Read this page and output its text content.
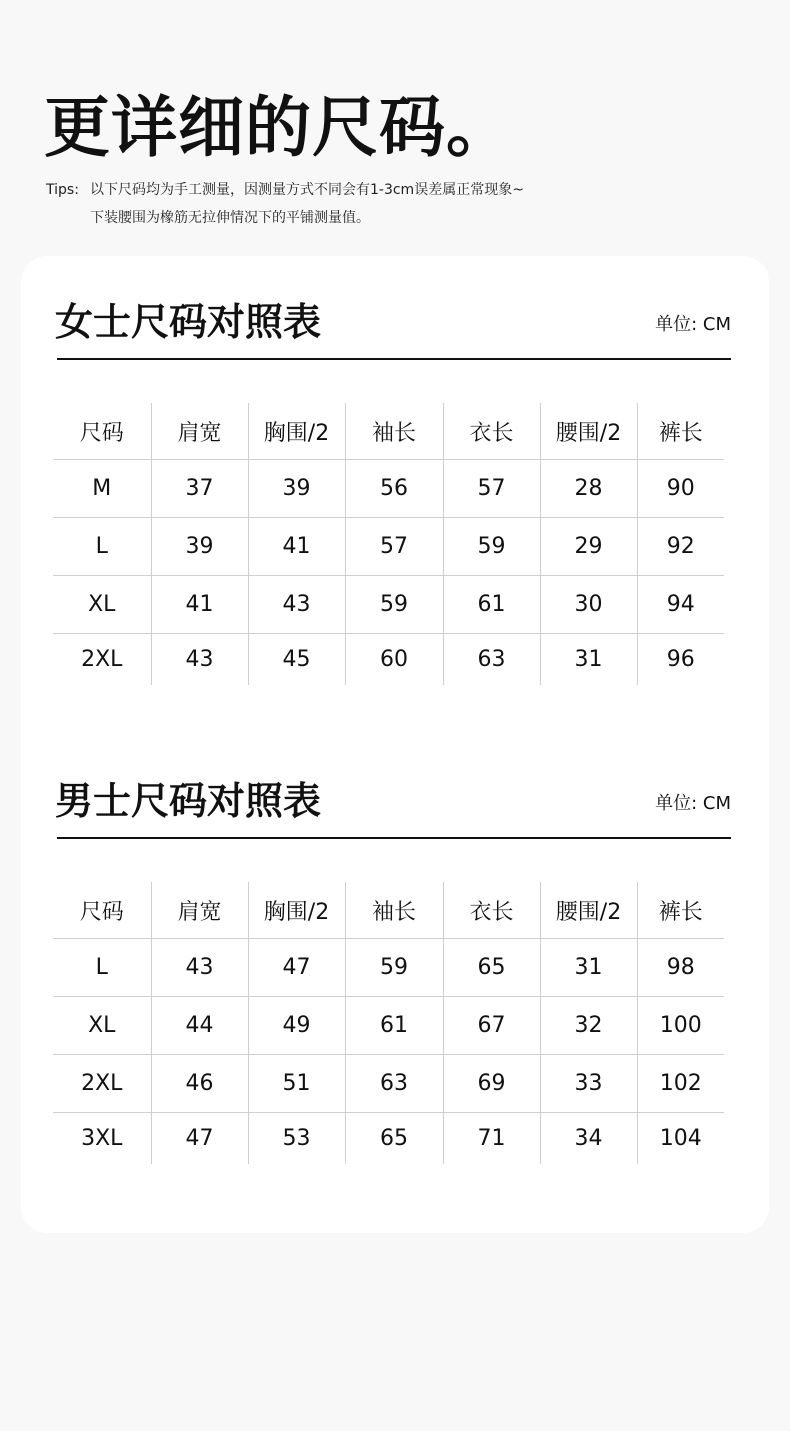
更详细的尺码。
Tips: 以下尺码均为手工测量，因测量方式不同会有1-3cm误差属正常现象~
下装腰围为橡筋无拉伸情况下的平铺测量值。
女士尺码对照表	单位: CM
尺码	肩宽	胸围/2	袖长	衣长	腰围/2	裤长
M	37	39	56	57	28	90
L	39	41	57	59	29	92
XL	41	43	59	61	30	94
2XL	43	45	60	63	31	96
男士尺码对照表	单位: CM
尺码	肩宽	胸围/2	袖长	衣长	腰围/2	裤长
L	43	47	59	65	31	98
XL	44	49	61	67	32	100
2XL	46	51	63	69	33	102
3XL	47	53	65	71	34	104
